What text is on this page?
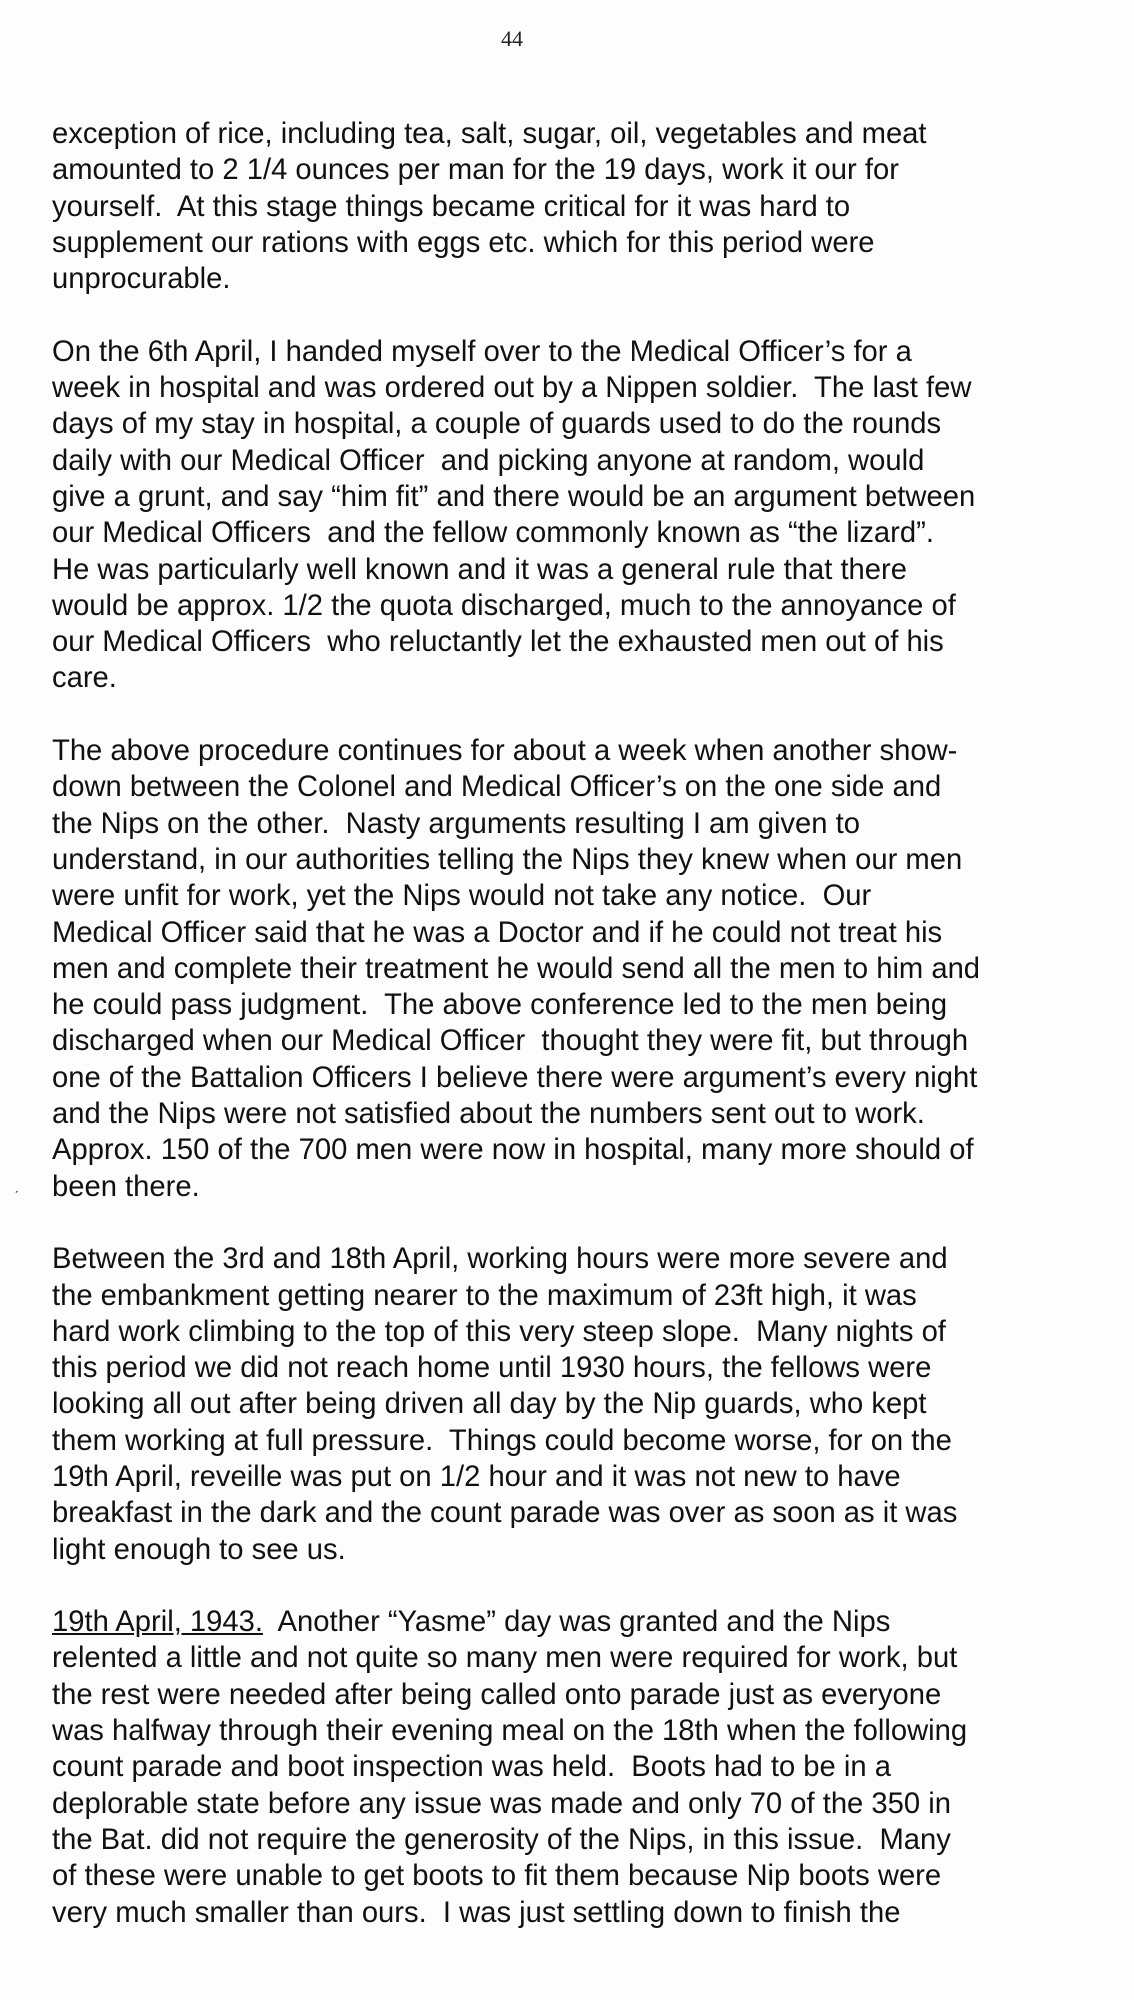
44
ˏ
exception of rice, including tea, salt, sugar, oil, vegetables and meat
amounted to 2 1/4 ounces per man for the 19 days, work it our for
yourself.  At this stage things became critical for it was hard to
supplement our rations with eggs etc. which for this period were
unprocurable.
On the 6th April, I handed myself over to the Medical Officer’s for a
week in hospital and was ordered out by a Nippen soldier.  The last few
days of my stay in hospital, a couple of guards used to do the rounds
daily with our Medical Officer  and picking anyone at random, would
give a grunt, and say “him fit” and there would be an argument between
our Medical Officers  and the fellow commonly known as “the lizard”.
He was particularly well known and it was a general rule that there
would be approx. 1/2 the quota discharged, much to the annoyance of
our Medical Officers  who reluctantly let the exhausted men out of his
care.
The above procedure continues for about a week when another show-
down between the Colonel and Medical Officer’s on the one side and
the Nips on the other.  Nasty arguments resulting I am given to
understand, in our authorities telling the Nips they knew when our men
were unfit for work, yet the Nips would not take any notice.  Our
Medical Officer said that he was a Doctor and if he could not treat his
men and complete their treatment he would send all the men to him and
he could pass judgment.  The above conference led to the men being
discharged when our Medical Officer  thought they were fit, but through
one of the Battalion Officers I believe there were argument’s every night
and the Nips were not satisfied about the numbers sent out to work.
Approx. 150 of the 700 men were now in hospital, many more should of
been there.
Between the 3rd and 18th April, working hours were more severe and
the embankment getting nearer to the maximum of 23ft high, it was
hard work climbing to the top of this very steep slope.  Many nights of
this period we did not reach home until 1930 hours, the fellows were
looking all out after being driven all day by the Nip guards, who kept
them working at full pressure.  Things could become worse, for on the
19th April, reveille was put on 1/2 hour and it was not new to have
breakfast in the dark and the count parade was over as soon as it was
light enough to see us.
19th April, 1943.  Another “Yasme” day was granted and the Nips
relented a little and not quite so many men were required for work, but
the rest were needed after being called onto parade just as everyone
was halfway through their evening meal on the 18th when the following
count parade and boot inspection was held.  Boots had to be in a
deplorable state before any issue was made and only 70 of the 350 in
the Bat. did not require the generosity of the Nips, in this issue.  Many
of these were unable to get boots to fit them because Nip boots were
very much smaller than ours.  I was just settling down to finish the
